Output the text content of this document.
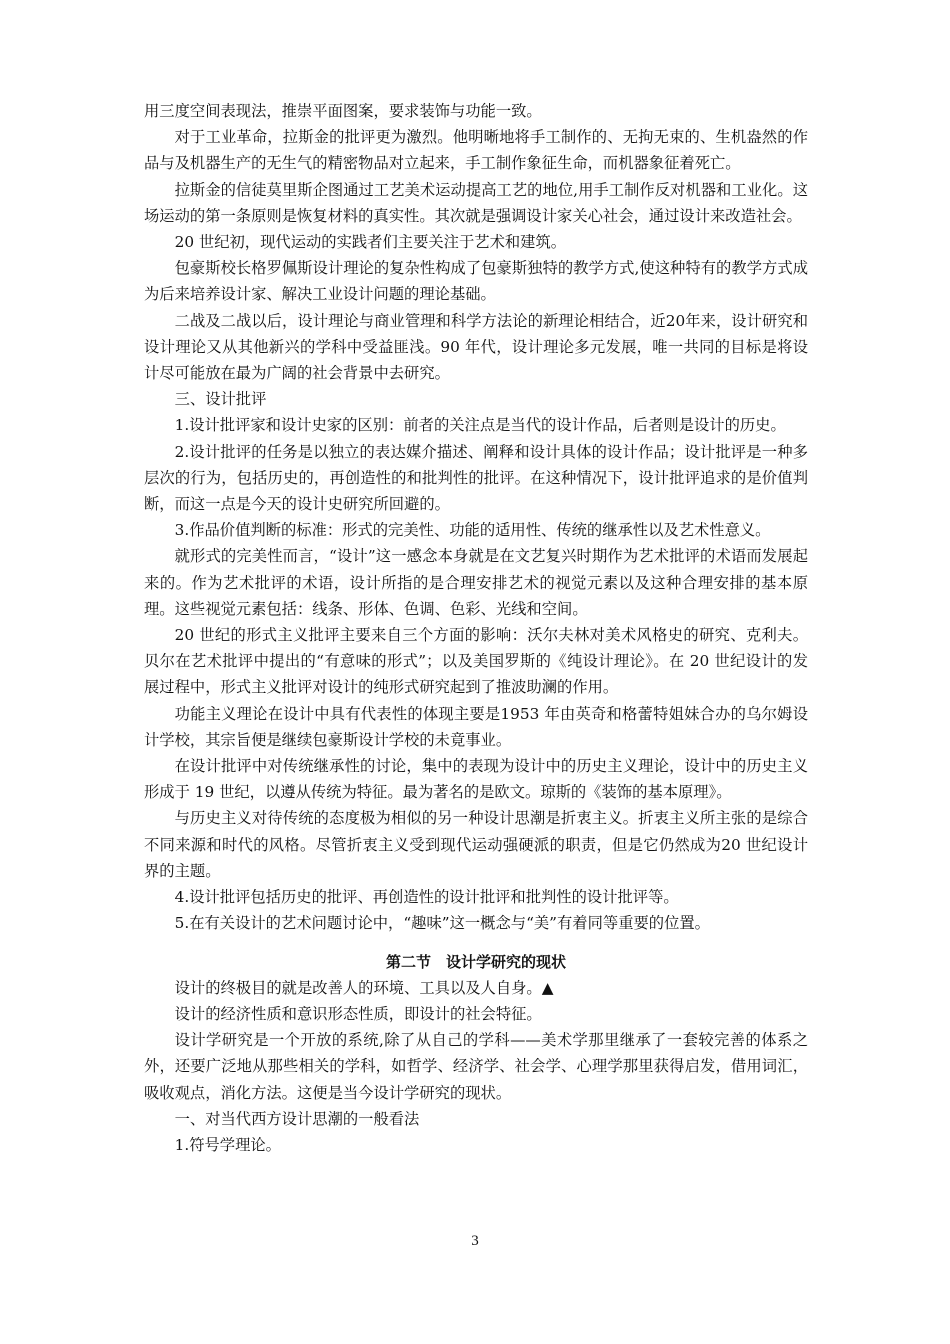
用三度空间表现法，推崇平面图案，要求装饰与功能一致。

对于工业革命，拉斯金的批评更为激烈。他明晰地将手工制作的、无拘无束的、生机盎然的作品与及机器生产的无生气的精密物品对立起来，手工制作象征生命，而机器象征着死亡。

拉斯金的信徒莫里斯企图通过工艺美术运动提高工艺的地位,用手工制作反对机器和工业化。这场运动的第一条原则是恢复材料的真实性。其次就是强调设计家关心社会，通过设计来改造社会。

20 世纪初，现代运动的实践者们主要关注于艺术和建筑。

包豪斯校长格罗佩斯设计理论的复杂性构成了包豪斯独特的教学方式,使这种特有的教学方式成为后来培养设计家、解决工业设计问题的理论基础。

二战及二战以后，设计理论与商业管理和科学方法论的新理论相结合，近20年来，设计研究和设计理论又从其他新兴的学科中受益匪浅。90 年代，设计理论多元发展，唯一共同的目标是将设计尽可能放在最为广阔的社会背景中去研究。

三、设计批评

1.设计批评家和设计史家的区别：前者的关注点是当代的设计作品，后者则是设计的历史。

2.设计批评的任务是以独立的表达媒介描述、阐释和设计具体的设计作品；设计批评是一种多层次的行为，包括历史的，再创造性的和批判性的批评。在这种情况下，设计批评追求的是价值判断，而这一点是今天的设计史研究所回避的。

3.作品价值判断的标准：形式的完美性、功能的适用性、传统的继承性以及艺术性意义。

就形式的完美性而言，“设计”这一感念本身就是在文艺复兴时期作为艺术批评的术语而发展起来的。作为艺术批评的术语，设计所指的是合理安排艺术的视觉元素以及这种合理安排的基本原理。这些视觉元素包括：线条、形体、色调、色彩、光线和空间。

20 世纪的形式主义批评主要来自三个方面的影响：沃尔夫林对美术风格史的研究、克利夫。贝尔在艺术批评中提出的“有意味的形式”；以及美国罗斯的《纯设计理论》。在 20 世纪设计的发展过程中，形式主义批评对设计的纯形式研究起到了推波助澜的作用。

功能主义理论在设计中具有代表性的体现主要是1953 年由英奇和格蕾特姐妹合办的乌尔姆设计学校，其宗旨便是继续包豪斯设计学校的未竟事业。

在设计批评中对传统继承性的讨论，集中的表现为设计中的历史主义理论，设计中的历史主义形成于 19 世纪，以遵从传统为特征。最为著名的是欧文。琼斯的《装饰的基本原理》。

与历史主义对待传统的态度极为相似的另一种设计思潮是折衷主义。折衷主义所主张的是综合不同来源和时代的风格。尽管折衷主义受到现代运动强硬派的职责，但是它仍然成为20 世纪设计界的主题。

4.设计批评包括历史的批评、再创造性的设计批评和批判性的设计批评等。

5.在有关设计的艺术问题讨论中，“趣味”这一概念与“美”有着同等重要的位置。

第二节　设计学研究的现状

设计的终极目的就是改善人的环境、工具以及人自身。▲

设计的经济性质和意识形态性质，即设计的社会特征。

设计学研究是一个开放的系统,除了从自己的学科——美术学那里继承了一套较完善的体系之外，还要广泛地从那些相关的学科，如哲学、经济学、社会学、心理学那里获得启发，借用词汇，吸收观点，消化方法。这便是当今设计学研究的现状。

一、对当代西方设计思潮的一般看法

1.符号学理论。

3
